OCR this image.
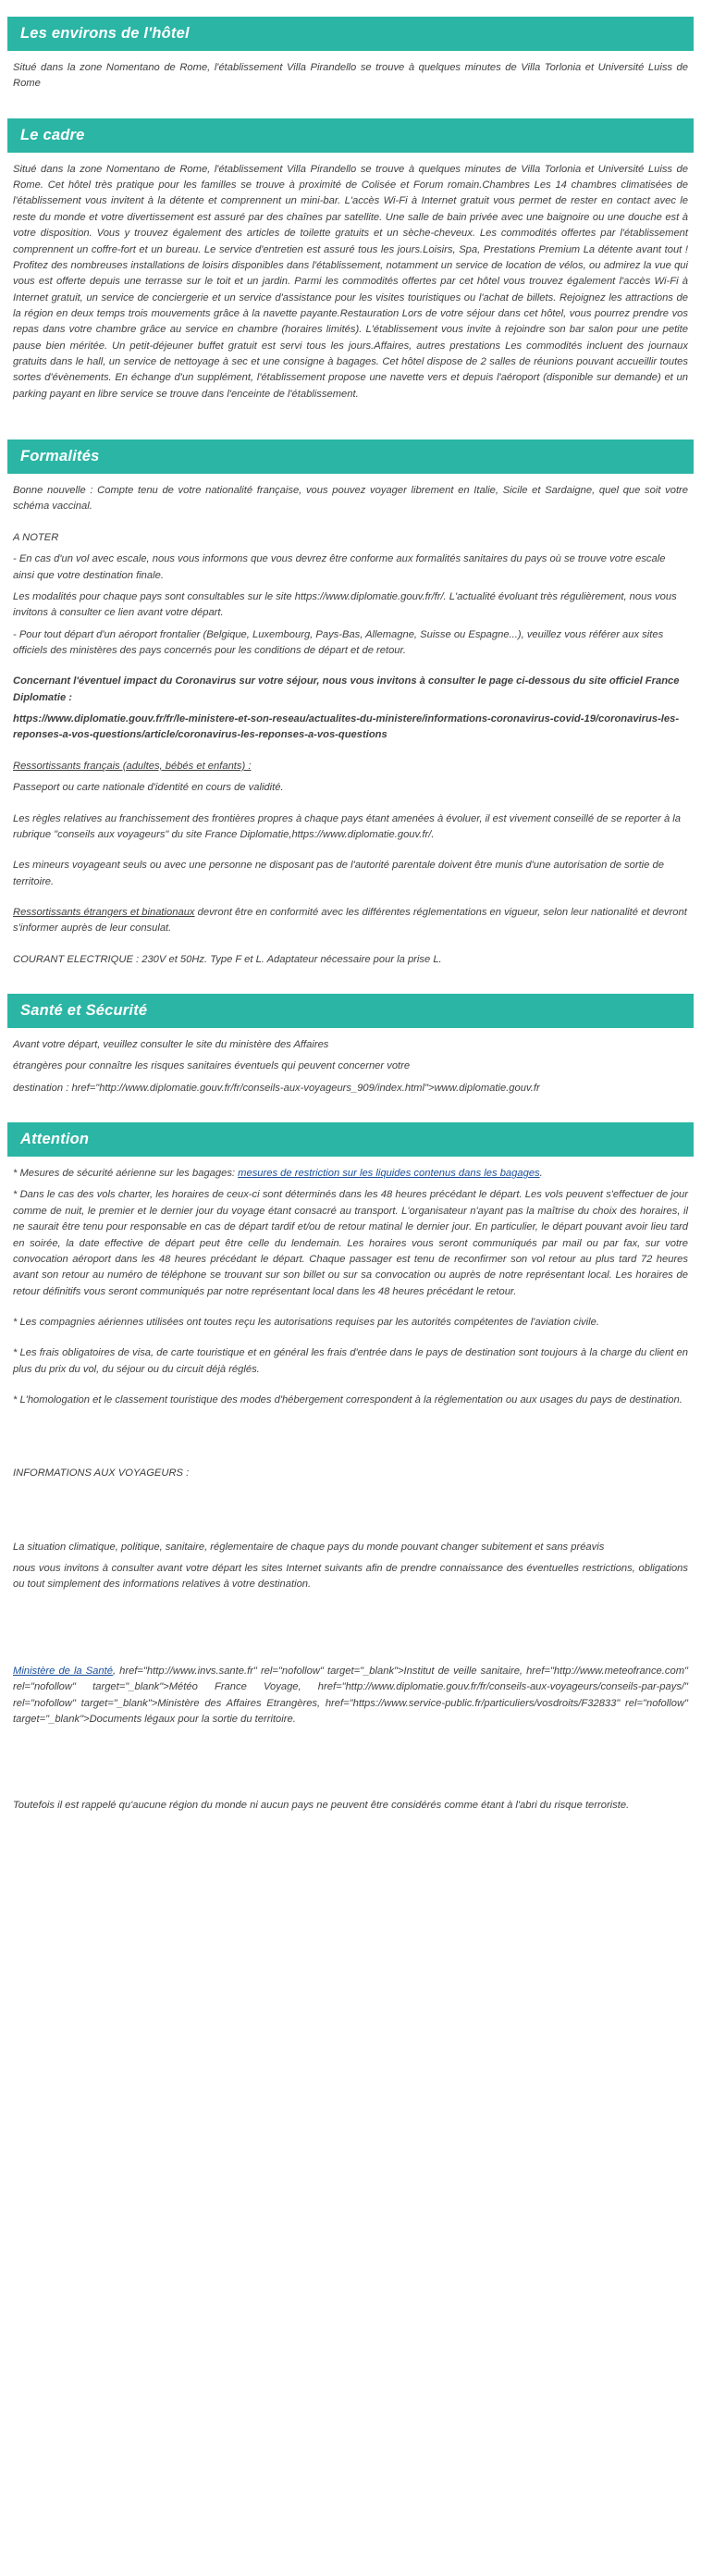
Les environs de l'hôtel
Situé dans la zone Nomentano de Rome, l'établissement Villa Pirandello se trouve à quelques minutes de Villa Torlonia et Université Luiss de Rome
Le cadre
Situé dans la zone Nomentano de Rome, l'établissement Villa Pirandello se trouve à quelques minutes de Villa Torlonia et Université Luiss de Rome. Cet hôtel très pratique pour les familles se trouve à proximité de Colisée et Forum romain.Chambres Les 14 chambres climatisées de l'établissement vous invitent à la détente et comprennent un mini-bar. L'accès Wi-Fi à Internet gratuit vous permet de rester en contact avec le reste du monde et votre divertissement est assuré par des chaînes par satellite. Une salle de bain privée avec une baignoire ou une douche est à votre disposition. Vous y trouvez également des articles de toilette gratuits et un sèche-cheveux. Les commodités offertes par l'établissement comprennent un coffre-fort et un bureau. Le service d'entretien est assuré tous les jours.Loisirs, Spa, Prestations Premium La détente avant tout ! Profitez des nombreuses installations de loisirs disponibles dans l'établissement, notamment un service de location de vélos, ou admirez la vue qui vous est offerte depuis une terrasse sur le toit et un jardin. Parmi les commodités offertes par cet hôtel vous trouvez également l'accès Wi-Fi à Internet gratuit, un service de conciergerie et un service d'assistance pour les visites touristiques ou l'achat de billets. Rejoignez les attractions de la région en deux temps trois mouvements grâce à la navette payante.Restauration Lors de votre séjour dans cet hôtel, vous pourrez prendre vos repas dans votre chambre grâce au service en chambre (horaires limités). L'établissement vous invite à rejoindre son bar salon pour une petite pause bien méritée. Un petit-déjeuner buffet gratuit est servi tous les jours.Affaires, autres prestations Les commodités incluent des journaux gratuits dans le hall, un service de nettoyage à sec et une consigne à bagages. Cet hôtel dispose de 2 salles de réunions pouvant accueillir toutes sortes d'évènements. En échange d'un supplément, l'établissement propose une navette vers et depuis l'aéroport (disponible sur demande) et un parking payant en libre service se trouve dans l'enceinte de l'établissement.
Formalités
Bonne nouvelle : Compte tenu de votre nationalité française, vous pouvez voyager librement en Italie, Sicile et Sardaigne, quel que soit votre schéma vaccinal.
A NOTER
- En cas d'un vol avec escale, nous vous informons que vous devrez être conforme aux formalités sanitaires du pays où se trouve votre escale ainsi que votre destination finale.
Les modalités pour chaque pays sont consultables sur le site https://www.diplomatie.gouv.fr/fr/. L'actualité évoluant très régulièrement, nous vous invitons à consulter ce lien avant votre départ.
- Pour tout départ d'un aéroport frontalier (Belgique, Luxembourg, Pays-Bas, Allemagne, Suisse ou Espagne...), veuillez vous référer aux sites officiels des ministères des pays concernés pour les conditions de départ et de retour.
Concernant l'éventuel impact du Coronavirus sur votre séjour, nous vous invitons à consulter le page ci-dessous du site officiel France Diplomatie :
https://www.diplomatie.gouv.fr/fr/le-ministere-et-son-reseau/actualites-du-ministere/informations-coronavirus-covid-19/coronavirus-les-reponses-a-vos-questions/article/coronavirus-les-reponses-a-vos-questions
Ressortissants français (adultes, bébés et enfants) :
Passeport ou carte nationale d'identité en cours de validité.
Les règles relatives au franchissement des frontières propres à chaque pays étant amenées à évoluer, il est vivement conseillé de se reporter à la rubrique "conseils aux voyageurs" du site France Diplomatie,https://www.diplomatie.gouv.fr/.
Les mineurs voyageant seuls ou avec une personne ne disposant pas de l'autorité parentale doivent être munis d'une autorisation de sortie de territoire.
Ressortissants étrangers et binationaux devront être en conformité avec les différentes réglementations en vigueur, selon leur nationalité et devront s'informer auprès de leur consulat.
COURANT ELECTRIQUE : 230V et 50Hz. Type F et L. Adaptateur nécessaire pour la prise L.
Santé et Sécurité
Avant votre départ, veuillez consulter le site du ministère des Affaires
étrangères pour connaître les risques sanitaires éventuels qui peuvent concerner votre
destination : href="http://www.diplomatie.gouv.fr/fr/conseils-aux-voyageurs_909/index.html">www.diplomatie.gouv.fr
Attention
* Mesures de sécurité aérienne sur les bagages: mesures de restriction sur les liquides contenus dans les bagages.
* Dans le cas des vols charter, les horaires de ceux-ci sont déterminés dans les 48 heures précédant le départ. Les vols peuvent s'effectuer de jour comme de nuit, le premier et le dernier jour du voyage étant consacré au transport. L'organisateur n'ayant pas la maîtrise du choix des horaires, il ne saurait être tenu pour responsable en cas de départ tardif et/ou de retour matinal le dernier jour. En particulier, le départ pouvant avoir lieu tard en soirée, la date effective de départ peut être celle du lendemain. Les horaires vous seront communiqués par mail ou par fax, sur votre convocation aéroport dans les 48 heures précédant le départ. Chaque passager est tenu de reconfirmer son vol retour au plus tard 72 heures avant son retour au numéro de téléphone se trouvant sur son billet ou sur sa convocation ou auprès de notre représentant local. Les horaires de retour définitifs vous seront communiqués par notre représentant local dans les 48 heures précédant le retour.
* Les compagnies aériennes utilisées ont toutes reçu les autorisations requises par les autorités compétentes de l'aviation civile.
* Les frais obligatoires de visa, de carte touristique et en général les frais d'entrée dans le pays de destination sont toujours à la charge du client en plus du prix du vol, du séjour ou du circuit déjà réglés.
* L'homologation et le classement touristique des modes d'hébergement correspondent à la réglementation ou aux usages du pays de destination.
INFORMATIONS AUX VOYAGEURS :
La situation climatique, politique, sanitaire, réglementaire de chaque pays du monde pouvant changer subitement et sans préavis
nous vous invitons à consulter avant votre départ les sites Internet suivants afin de prendre connaissance des éventuelles restrictions, obligations ou tout simplement des informations relatives à votre destination.
Ministère de la Santé, href="http://www.invs.sante.fr" rel="nofollow" target="_blank">Institut de veille sanitaire, href="http://www.meteofrance.com" rel="nofollow" target="_blank">Météo France Voyage, href="http://www.diplomatie.gouv.fr/fr/conseils-aux-voyageurs/conseils-par-pays/" rel="nofollow" target="_blank">Ministère des Affaires Etrangères, href="https://www.service-public.fr/particuliers/vosdroits/F32833" rel="nofollow" target="_blank">Documents légaux pour la sortie du territoire.
Toutefois il est rappelé qu'aucune région du monde ni aucun pays ne peuvent être considérés comme étant à l'abri du risque terroriste.
